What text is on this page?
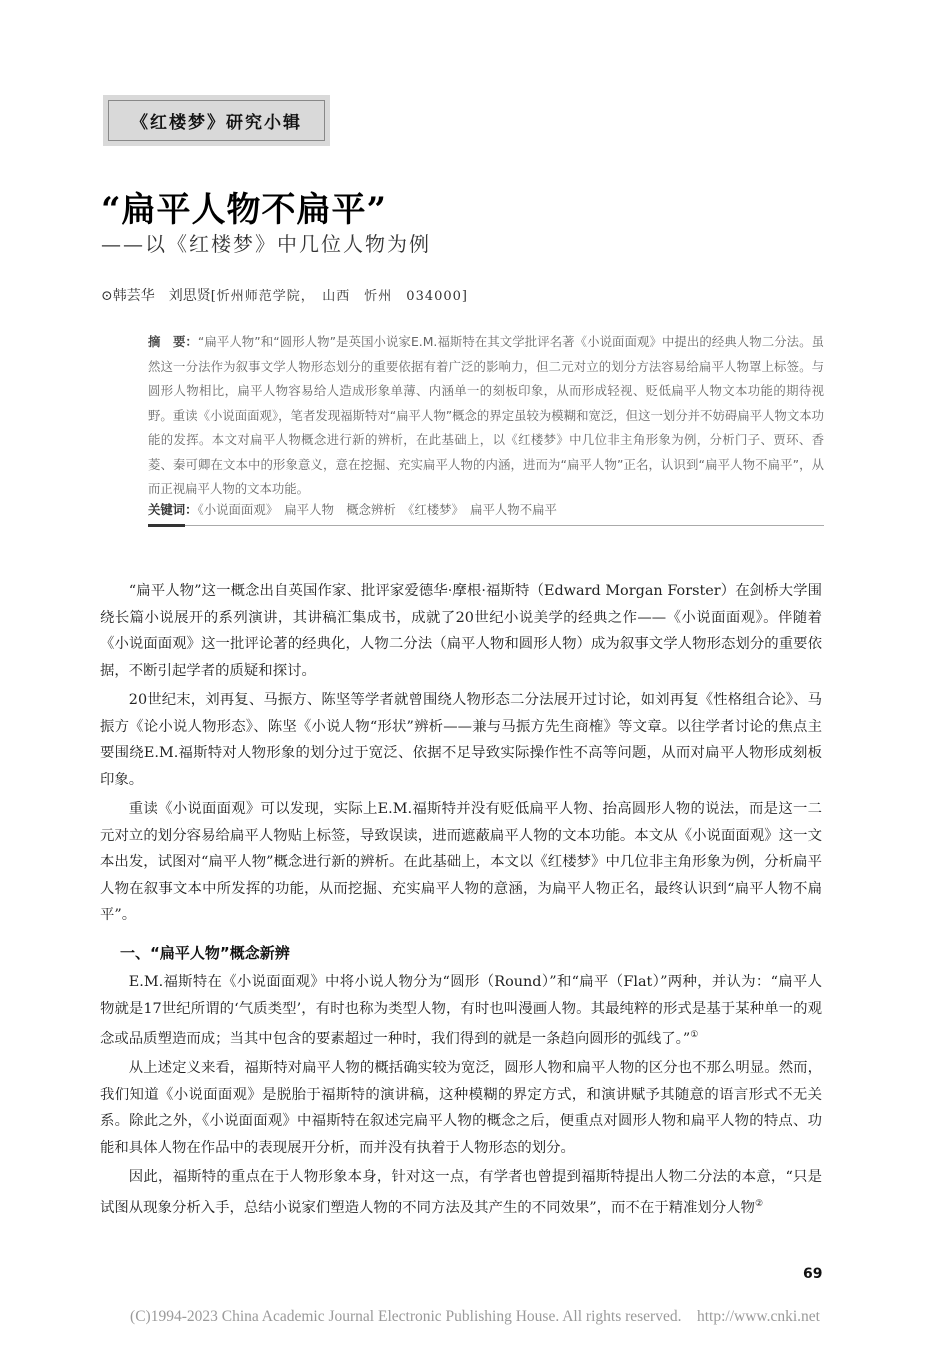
《红楼梦》研究小辑
“扁平人物不扁平”
——以《红楼梦》中几位人物为例
⊙韩芸华　刘思贤[忻州师范学院，　山西　忻州　034000]
摘　要：“扁平人物”和“圆形人物”是英国小说家E.M.福斯特在其文学批评名著《小说面面观》中提出的经典人物二分法。虽然这一分法作为叙事文学人物形态划分的重要依据有着广泛的影响力，但二元对立的划分方法容易给扁平人物罩上标签。与圆形人物相比，扁平人物容易给人造成形象单薄、内涵单一的刻板印象，从而形成轻视、贬低扁平人物文本功能的期待视野。重读《小说面面观》，笔者发现福斯特对“扁平人物”概念的界定虽较为模糊和宽泛，但这一划分并不妨碍扁平人物文本功能的发挥。本文对扁平人物概念进行新的辨析，在此基础上，以《红楼梦》中几位非主角形象为例，分析门子、贾环、香菱、秦可卿在文本中的形象意义，意在挖掘、充实扁平人物的内涵，进而为“扁平人物”正名，认识到“扁平人物不扁平”，从而正视扁平人物的文本功能。
关键词：《小说面面观》　扁平人物　概念辨析　《红楼梦》　扁平人物不扁平

“扁平人物”这一概念出自英国作家、批评家爱德华·摩根·福斯特（Edward Morgan Forster）在剑桥大学围绕长篇小说展开的系列演讲，其讲稿汇集成书，成就了20世纪小说美学的经典之作——《小说面面观》。伴随着《小说面面观》这一批评论著的经典化，人物二分法（扁平人物和圆形人物）成为叙事文学人物形态划分的重要依据，不断引起学者的质疑和探讨。

20世纪末，刘再复、马振方、陈坚等学者就曾围绕人物形态二分法展开过讨论，如刘再复《性格组合论》、马振方《论小说人物形态》、陈坚《小说人物“形状”辨析——兼与马振方先生商榷》等文章。以往学者讨论的焦点主要围绕E.M.福斯特对人物形象的划分过于宽泛、依据不足导致实际操作性不高等问题，从而对扁平人物形成刻板印象。

重读《小说面面观》可以发现，实际上E.M.福斯特并没有贬低扁平人物、抬高圆形人物的说法，而是这一二元对立的划分容易给扁平人物贴上标签，导致误读，进而遮蔽扁平人物的文本功能。本文从《小说面面观》这一文本出发，试图对“扁平人物”概念进行新的辨析。在此基础上，本文以《红楼梦》中几位非主角形象为例，分析扁平人物在叙事文本中所发挥的功能，从而挖掘、充实扁平人物的意涵，为扁平人物正名，最终认识到“扁平人物不扁平”。

一、“扁平人物”概念新辨

E.M.福斯特在《小说面面观》中将小说人物分为“圆形（Round）”和“扁平（Flat）”两种，并认为：“扁平人物就是17世纪所谓的‘气质类型’，有时也称为类型人物，有时也叫漫画人物。其最纯粹的形式是基于某种单一的观念或品质塑造而成；当其中包含的要素超过一种时，我们得到的就是一条趋向圆形的弧线了。”①

从上述定义来看，福斯特对扁平人物的概括确实较为宽泛，圆形人物和扁平人物的区分也不那么明显。然而，我们知道《小说面面观》是脱胎于福斯特的演讲稿，这种模糊的界定方式，和演讲赋予其随意的语言形式不无关系。除此之外，《小说面面观》中福斯特在叙述完扁平人物的概念之后，便重点对圆形人物和扁平人物的特点、功能和具体人物在作品中的表现展开分析，而并没有执着于人物形态的划分。

因此，福斯特的重点在于人物形象本身，针对这一点，有学者也曾提到福斯特提出人物二分法的本意，“只是试图从现象分析入手，总结小说家们塑造人物的不同方法及其产生的不同效果”，而不在于精准划分人物②

69
(C)1994-2023 China Academic Journal Electronic Publishing House. All rights reserved.　http://www.cnki.net
